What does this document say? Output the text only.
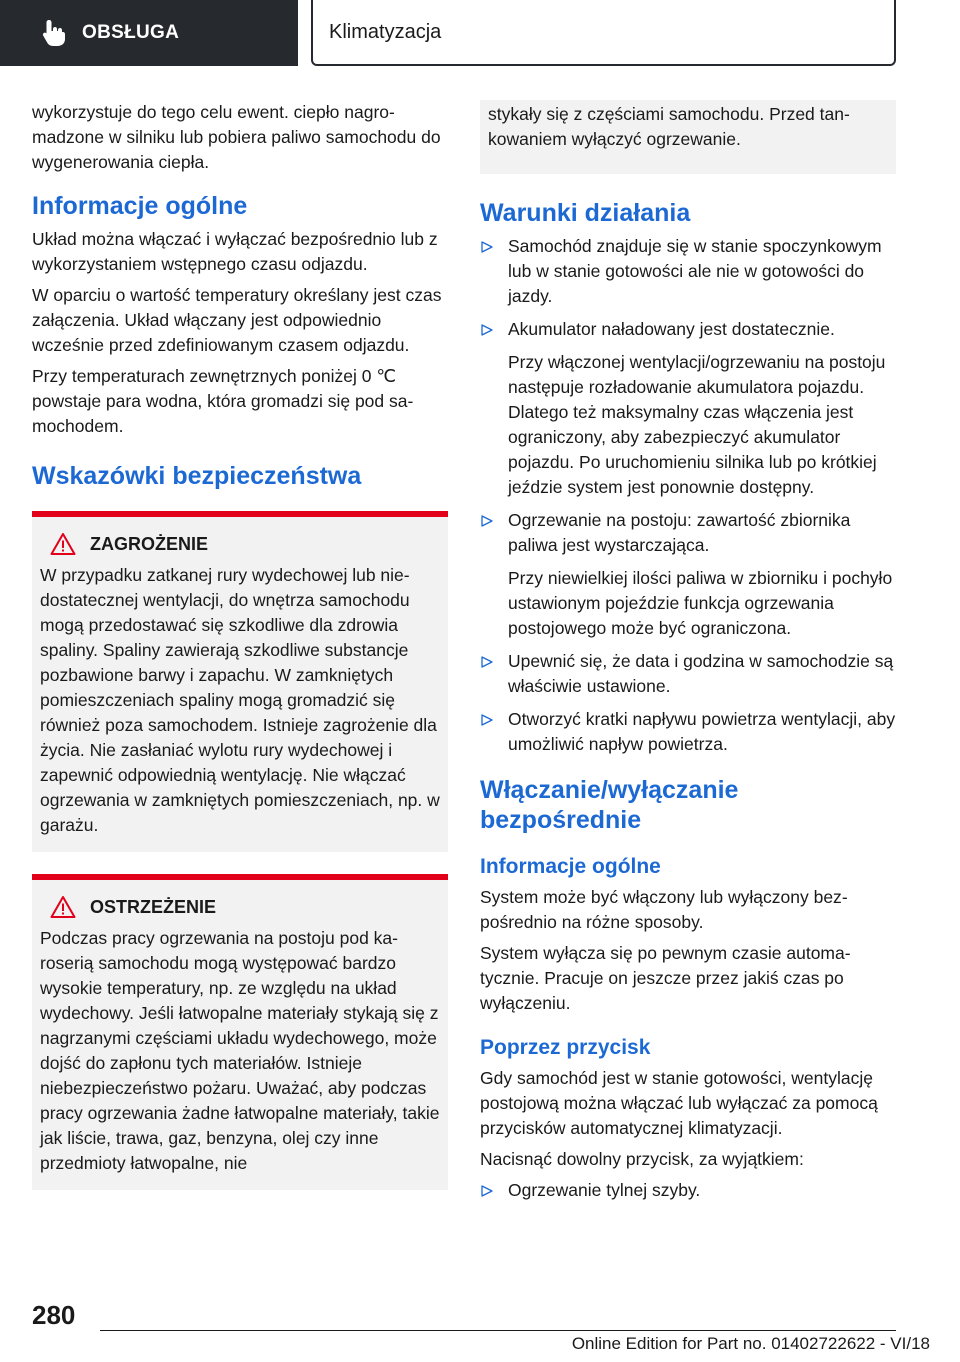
OBSŁUGA	Klimatyzacja

wykorzystuje do tego celu ewent. ciepło nagromadzone w silniku lub pobiera paliwo samochodu do wygenerowania ciepła.

Informacje ogólne

Układ można włączać i wyłączać bezpośrednio lub z wykorzystaniem wstępnego czasu odjazdu.

W oparciu o wartość temperatury określany jest czas załączenia. Układ włączany jest odpowiednio wcześnie przed zdefiniowanym czasem odjazdu.

Przy temperaturach zewnętrznych poniżej 0 ℃ powstaje para wodna, która gromadzi się pod samochodem.

Wskazówki bezpieczeństwa
ZAGROŻENIE

W przypadku zatkanej rury wydechowej lub niedostatecznej wentylacji, do wnętrza samochodu mogą przedostawać się szkodliwe dla zdrowia spaliny. Spaliny zawierają szkodliwe substancje pozbawione barwy i zapachu. W zamkniętych pomieszczeniach spaliny mogą gromadzić się również poza samochodem. Istnieje zagrożenie dla życia. Nie zasłaniać wylotu rury wydechowej i zapewnić odpowiednią wentylację. Nie włączać ogrzewania w zamkniętych pomieszczeniach, np. w garażu.

OSTRZEŻENIE

Podczas pracy ogrzewania na postoju pod karoserią samochodu mogą występować bardzo wysokie temperatury, np. ze względu na układ wydechowy. Jeśli łatwopalne materiały stykają się z nagrzanymi częściami układu wydechowego, może dojść do zapłonu tych materiałów. Istnieje niebezpieczeństwo pożaru. Uważać, aby podczas pracy ogrzewania żadne łatwopalne materiały, takie jak liście, trawa, gaz, benzyna, olej czy inne przedmioty łatwopalne, nie

stykały się z częściami samochodu. Przed tankowaniem wyłączyć ogrzewanie.

Warunki działania

Samochód znajduje się w stanie spoczynkowym lub w stanie gotowości ale nie w gotowości do jazdy.

Akumulator naładowany jest dostatecznie.

Przy włączonej wentylacji/ogrzewaniu na postoju następuje rozładowanie akumulatora pojazdu. Dlatego też maksymalny czas włączenia jest ograniczony, aby zabezpieczyć akumulator pojazdu. Po uruchomieniu silnika lub po krótkiej jeździe system jest ponownie dostępny.

Ogrzewanie na postoju: zawartość zbiornika paliwa jest wystarczająca.

Przy niewielkiej ilości paliwa w zbiorniku i pochyło ustawionym pojeździe funkcja ogrzewania postojowego może być ograniczona.

Upewnić się, że data i godzina w samochodzie są właściwie ustawione.

Otworzyć kratki napływu powietrza wentylacji, aby umożliwić napływ powietrza.

Włączanie/wyłączanie bezpośrednie
Informacje ogólne

System może być włączony lub wyłączony bezpośrednio na różne sposoby.

System wyłącza się po pewnym czasie automatycznie. Pracuje on jeszcze przez jakiś czas po wyłączeniu.

Poprzez przycisk

Gdy samochód jest w stanie gotowości, wentylację postojową można włączać lub wyłączać za pomocą przycisków automatycznej klimatyzacji.

Nacisnąć dowolny przycisk, za wyjątkiem:

Ogrzewanie tylnej szyby.

280
Online Edition for Part no. 01402722622 - VI/18
